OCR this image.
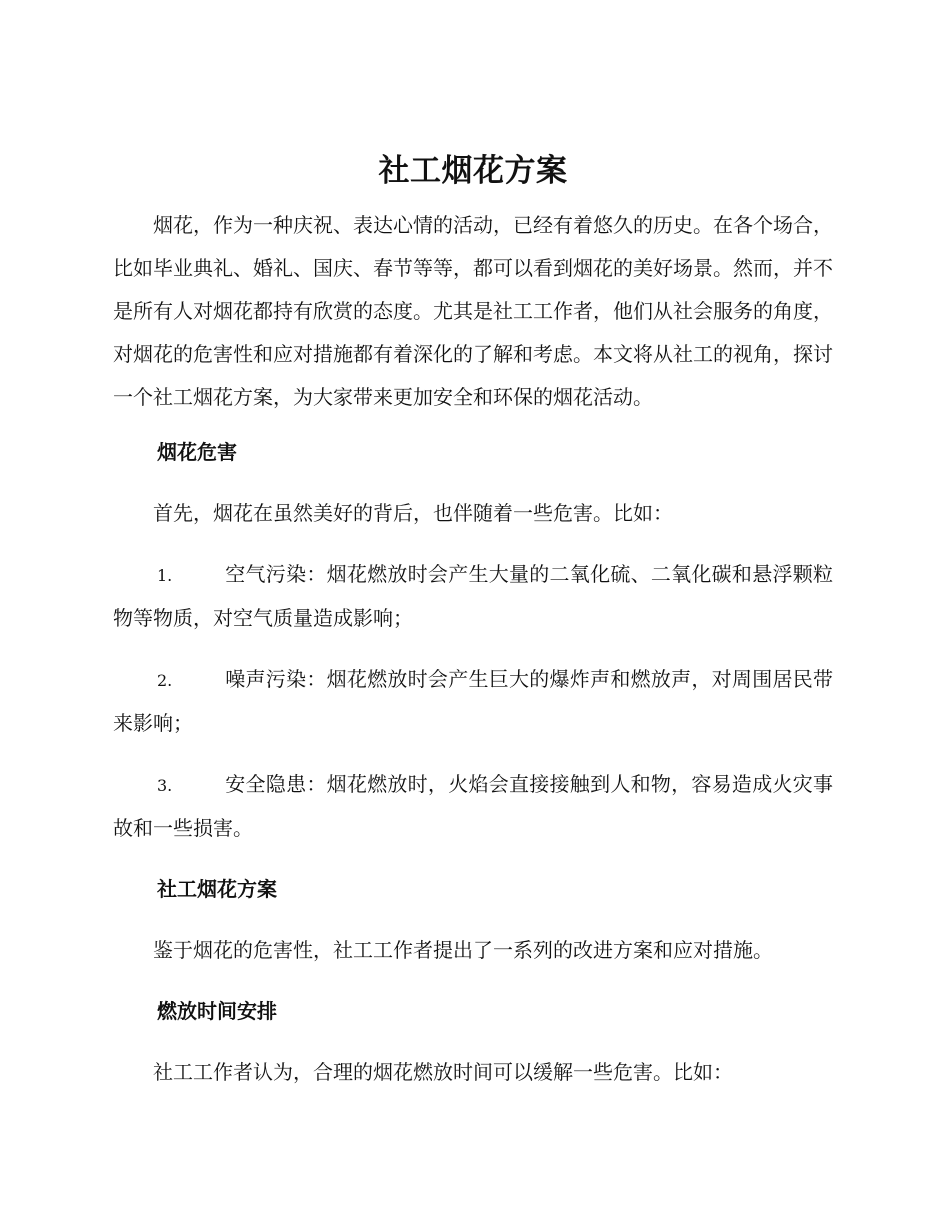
社工烟花方案

烟花，作为一种庆祝、表达心情的活动，已经有着悠久的历史。在各个场合，比如毕业典礼、婚礼、国庆、春节等等，都可以看到烟花的美好场景。然而，并不是所有人对烟花都持有欣赏的态度。尤其是社工工作者，他们从社会服务的角度，对烟花的危害性和应对措施都有着深化的了解和考虑。本文将从社工的视角，探讨一个社工烟花方案，为大家带来更加安全和环保的烟花活动。

烟花危害

首先，烟花在虽然美好的背后，也伴随着一些危害。比如：

1.	空气污染：烟花燃放时会产生大量的二氧化硫、二氧化碳和悬浮颗粒物等物质，对空气质量造成影响；

2.	噪声污染：烟花燃放时会产生巨大的爆炸声和燃放声，对周围居民带来影响；

3.	安全隐患：烟花燃放时，火焰会直接接触到人和物，容易造成火灾事故和一些损害。

社工烟花方案

鉴于烟花的危害性，社工工作者提出了一系列的改进方案和应对措施。

燃放时间安排

社工工作者认为，合理的烟花燃放时间可以缓解一些危害。比如：
